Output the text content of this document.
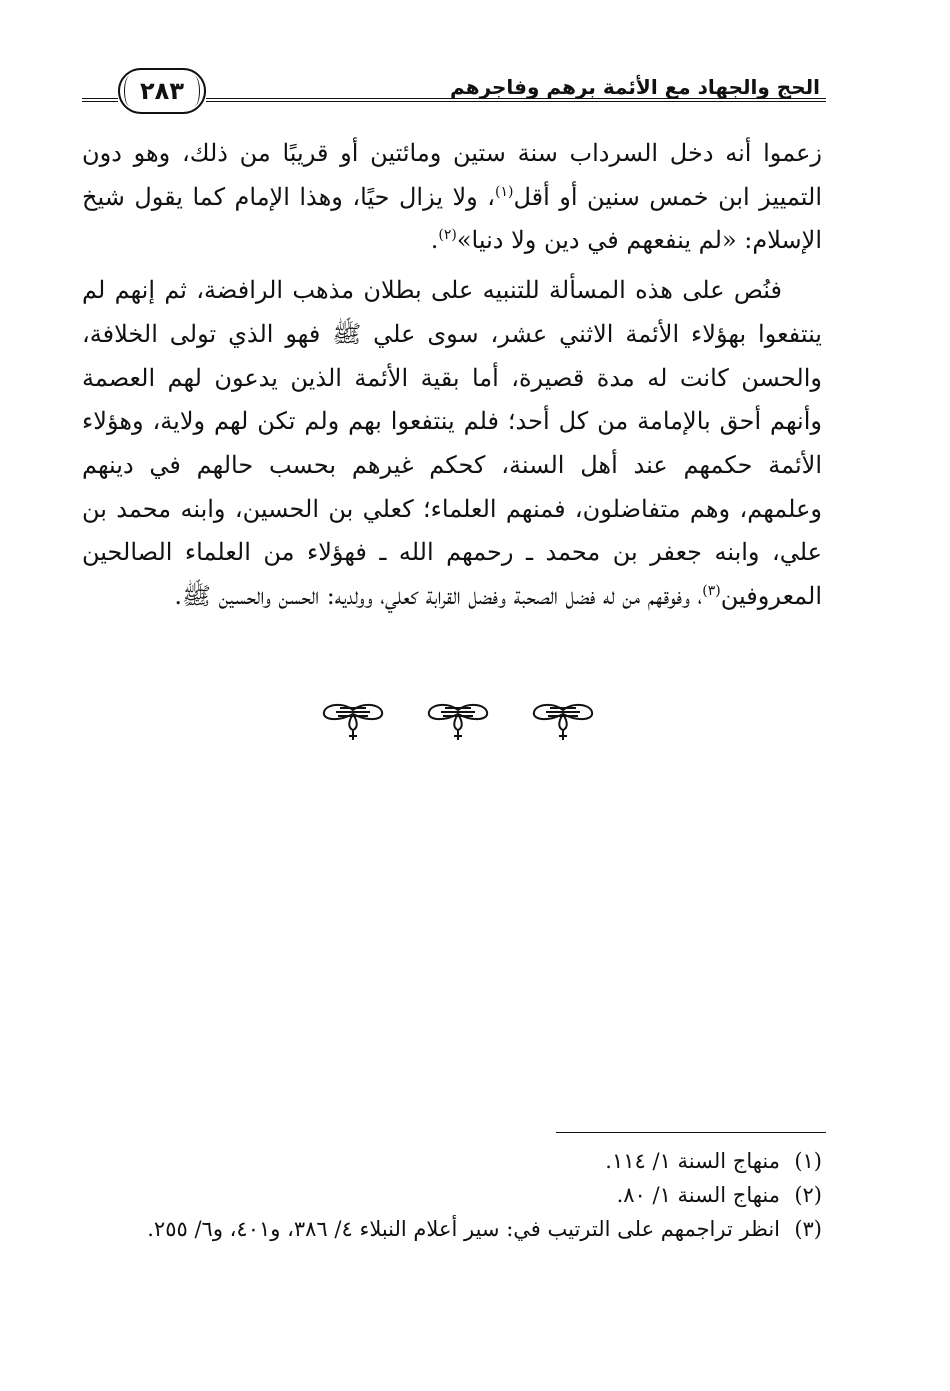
الحج والجهاد مع الأئمة برهم وفاجرهم
٢٨٣

زعموا أنه دخل السرداب سنة ستين ومائتين أو قريبًا من ذلك، وهو دون التمييز ابن خمس سنين أو أقل$^{(١)}$، ولا يزال حيًا، وهذا الإمام كما يقول شيخ الإسلام: «لم ينفعهم في دين ولا دنيا»$^{(٢)}$.

فنُص على هذه المسألة للتنبيه على بطلان مذهب الرافضة، ثم إنهم لم ينتفعوا بهؤلاء الأئمة الاثني عشر، سوى علي ﷺ فهو الذي تولى الخلافة، والحسن كانت له مدة قصيرة، أما بقية الأئمة الذين يدعون لهم العصمة وأنهم أحق بالإمامة من كل أحد؛ فلم ينتفعوا بهم ولم تكن لهم ولاية، وهؤلاء الأئمة حكمهم عند أهل السنة، كحكم غيرهم بحسب حالهم في دينهم وعلمهم، وهم متفاضلون، فمنهم العلماء؛ كعلي بن الحسين، وابنه محمد بن علي، وابنه جعفر بن محمد ـ رحمهم الله ـ فهؤلاء من العلماء الصالحين المعروفين$^{(٣)}$، وفوقهم من له فضل الصحبة وفضل القرابة كعلي، وولديه: الحسن والحسين ﷺ.

(١)
منهاج السنة ١/ ١١٤.
(٢)
منهاج السنة ١/ ٨٠.
(٣)
انظر تراجمهم على الترتيب في: سير أعلام النبلاء ٤/ ٣٨٦، و٤٠١، و٦/ ٢٥٥.
